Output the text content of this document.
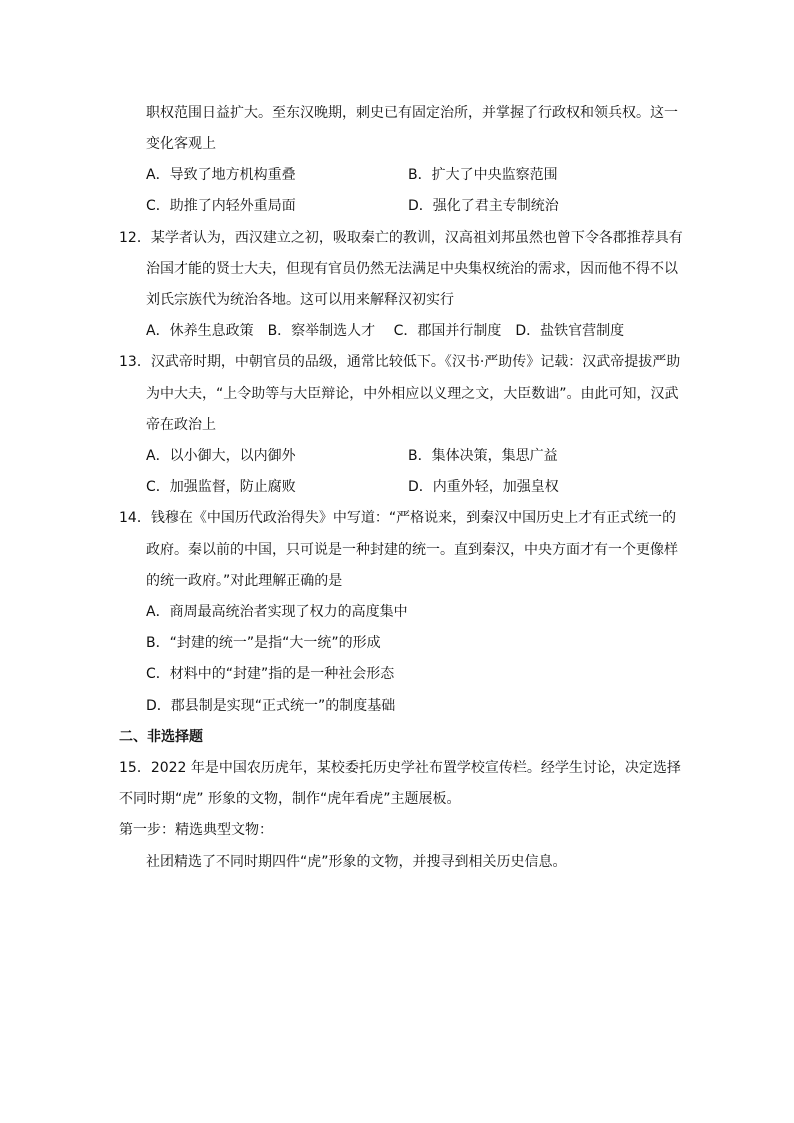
职权范围日益扩大。至东汉晚期，刺史已有固定治所，并掌握了行政权和领兵权。这一
变化客观上
A．导致了地方机构重叠	B．扩大了中央监察范围
C．助推了内轻外重局面	D．强化了君主专制统治
12．某学者认为，西汉建立之初，吸取秦亡的教训，汉高祖刘邦虽然也曾下令各郡推荐具有
治国才能的贤士大夫，但现有官员仍然无法满足中央集权统治的需求，因而他不得不以
刘氏宗族代为统治各地。这可以用来解释汉初实行
A．休养生息政策　B．察举制选人才　 C．郡国并行制度　D．盐铁官营制度
13．汉武帝时期，中朝官员的品级，通常比较低下。《汉书·严助传》记载：汉武帝提拔严助
为中大夫，“上令助等与大臣辩论，中外相应以义理之文，大臣数诎”。由此可知，汉武
帝在政治上
A．以小御大，以内御外	B．集体决策，集思广益
C．加强监督，防止腐败	D．内重外轻，加强皇权
14．钱穆在《中国历代政治得失》中写道：“严格说来，到秦汉中国历史上才有正式统一的
政府。秦以前的中国，只可说是一种封建的统一。直到秦汉，中央方面才有一个更像样
的统一政府。”对此理解正确的是
A．商周最高统治者实现了权力的高度集中
B．“封建的统一”是指“大一统”的形成
C．材料中的“封建”指的是一种社会形态
D．郡县制是实现“正式统一”的制度基础
二、非选择题
15．2022 年是中国农历虎年，某校委托历史学社布置学校宣传栏。经学生讨论，决定选择
不同时期“虎” 形象的文物，制作“虎年看虎”主题展板。
第一步：精选典型文物：
社团精选了不同时期四件“虎”形象的文物，并搜寻到相关历史信息。
